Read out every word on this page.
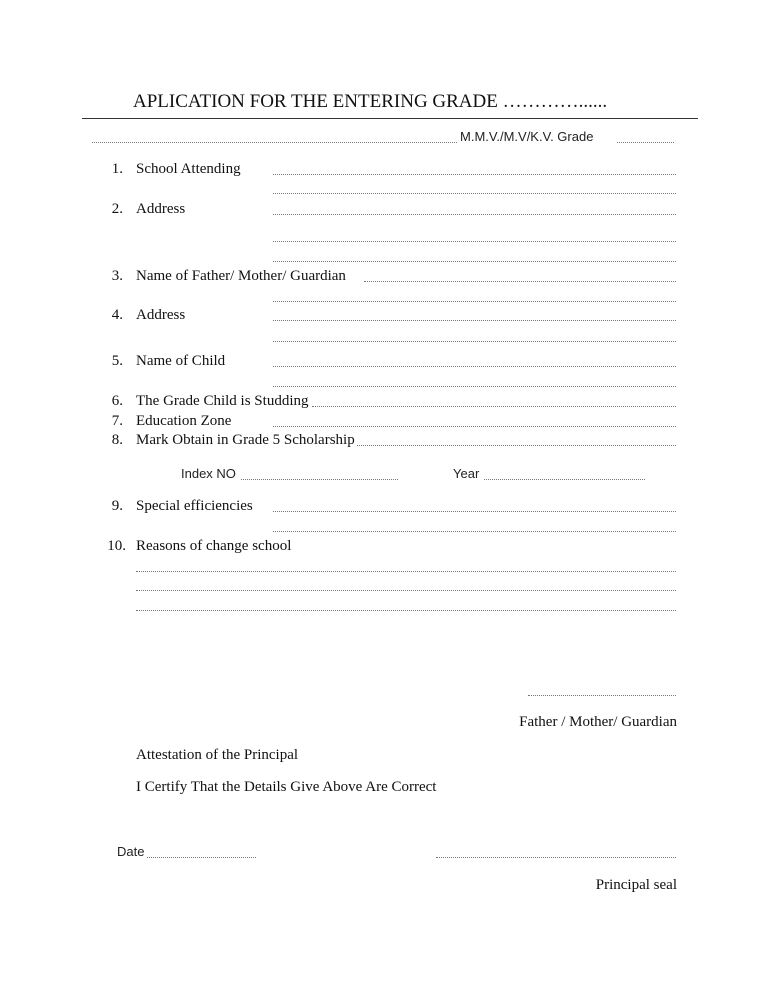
APLICATION FOR THE ENTERING GRADE …………......
M.M.V./M.V/K.V. Grade
1. School Attending
2. Address
3. Name of Father/ Mother/ Guardian
4. Address
5. Name of Child
6. The Grade Child is Studding
7. Education Zone
8. Mark Obtain in Grade 5 Scholarship
Index NO	Year
9. Special efficiencies
10. Reasons of change school
Father / Mother/ Guardian
Attestation of the Principal
I Certify That the Details Give Above Are Correct
Date
Principal seal
